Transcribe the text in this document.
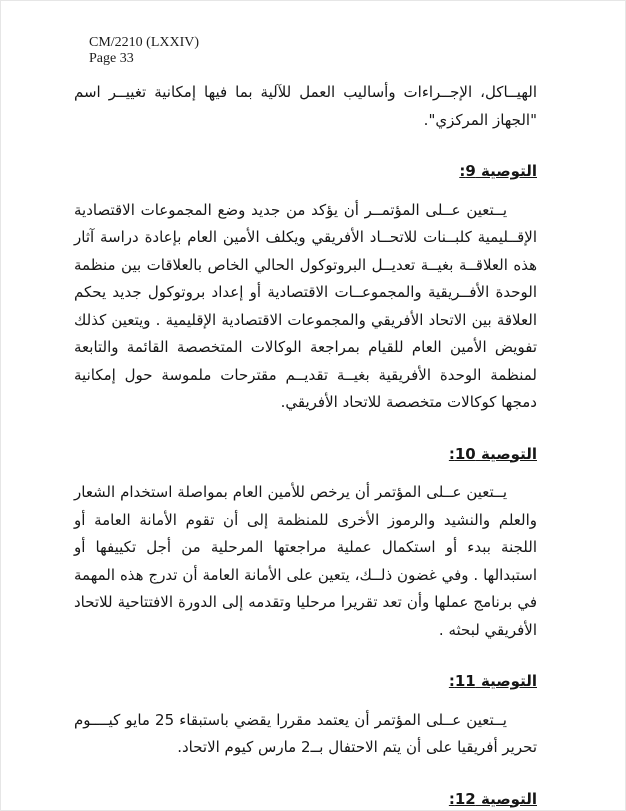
CM/2210 (LXXIV)
Page 33

الهيــاكل، الإجــراءات وأساليب العمل للآلية بما فيها إمكانية تغييــر اسم "الجهاز المركزي".

التوصية 9:

يــتعين عــلى المؤتمــر أن يؤكد من جديد وضع المجموعات الاقتصادية الإقــليمية كلبــنات للاتحــاد الأفريقي ويكلف الأمين العام بإعادة دراسة آثار هذه العلاقــة بغيــة تعديــل البروتوكول الحالي الخاص بالعلاقات بين منظمة الوحدة الأفــريقية والمجموعــات الاقتصادية أو إعداد بروتوكول جديد يحكم العلاقة بين الاتحاد الأفريقي والمجموعات الاقتصادية الإقليمية . ويتعين كذلك تفويض الأمين العام للقيام بمراجعة الوكالات المتخصصة القائمة والتابعة لمنظمة الوحدة الأفريقية بغيــة تقديــم مقترحات ملموسة حول إمكانية دمجها كوكالات متخصصة للاتحاد الأفريقي.

التوصية 10:

يــتعين عــلى المؤتمر أن يرخص للأمين العام بمواصلة استخدام الشعار والعلم والنشيد والرموز الأخرى للمنظمة إلى أن تقوم الأمانة العامة أو اللجنة ببدء أو استكمال عملية مراجعتها المرحلية من أجل تكييفها أو استبدالها . وفي غضون ذلــك، يتعين على الأمانة العامة أن تدرج هذه المهمة في برنامج عملها وأن تعد تقريرا مرحليا وتقدمه إلى الدورة الافتتاحية للاتحاد الأفريقي لبحثه .

التوصية 11:

يــتعين عــلى المؤتمر أن يعتمد مقررا يقضي باستبقاء 25 مايو كيــــوم تحرير أفريقيا على أن يتم الاحتفال بــ2 مارس كيوم الاتحاد.

التوصية 12:
